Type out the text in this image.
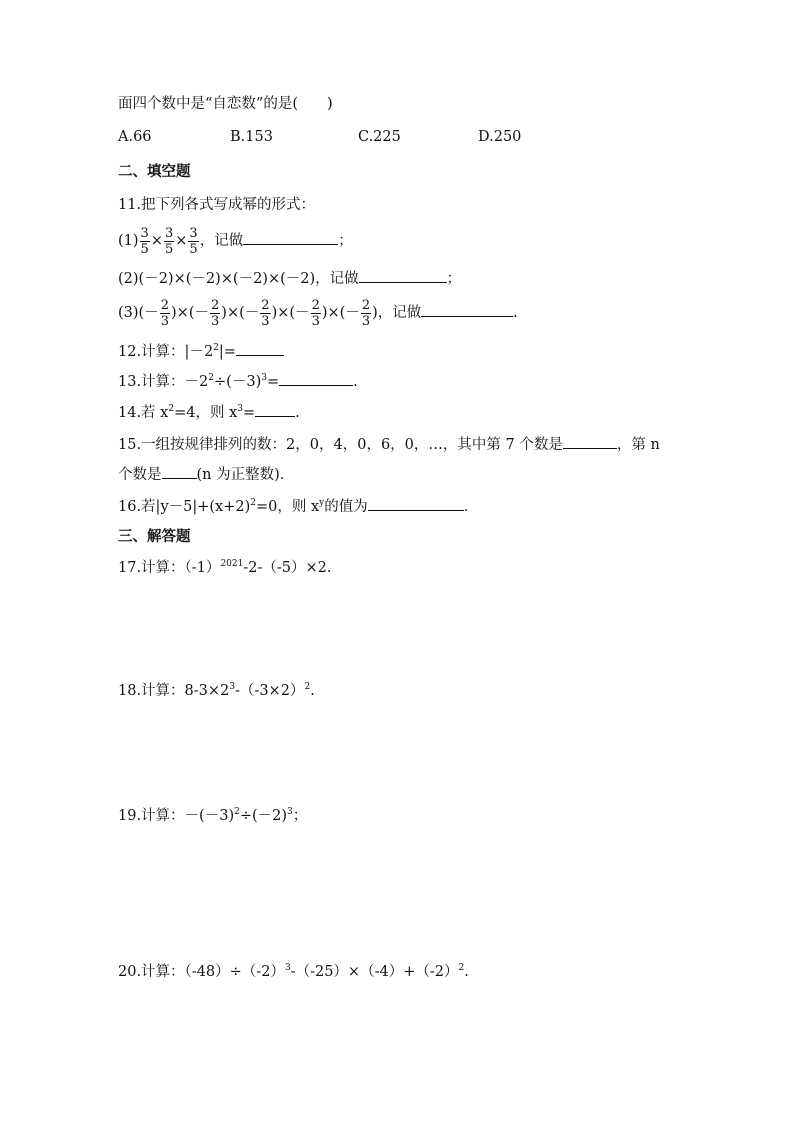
面四个数中是“自恋数”的是(　　)
A.66	B.153	C.225	D.250
二、填空题
11.把下列各式写成幂的形式：
$(1) \frac{3}{5} \times \frac{3}{5} \times \frac{3}{5}$ ，记做	；
(2)(－2)×(－2)×(－2)×(－2)，记做	；
$(3)(- \frac{2}{3}$ )×(－ $\frac{2}{3}$ )×(－ $\frac{2}{3}$ )×(－ $\frac{2}{3}$ )×(－ $\frac{2}{3}$ )，记做	.
12.计算：$|-2^2|=$
13.计算：$-2^2\div(-3)^3=$	.
14.若 $x^2=4$，则 $x^3=$	.
15.一组按规律排列的数：2，0，4，0，6，0，…，其中第 7 个数是	，第 n
个数是 (n 为正整数).
16.若$|y-5|+(x+2)^2=0$，则 $x^y$的值为	.
三、解答题
17.计算：$(-1)^{2021}-2-(-5)\times 2$.
18.计算：$8-3\times 2^3-(-3\times 2)^2$.
19.计算：$-(-3)^2\div(-2)^3$；
20.计算：$(-48)\div(-2)^3-(-25)\times(-4)+(-2)^2$.
